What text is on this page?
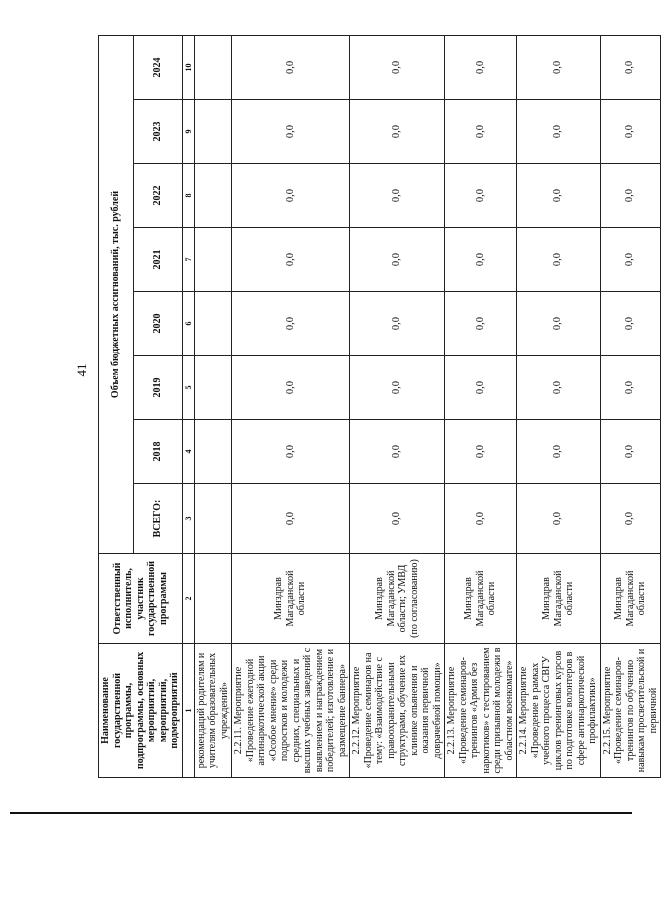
41
Наименование государственной программы, подпрограммы, основных мероприятий, мероприятий, подмероприятий	Ответственный исполнитель, участник государственной программы	Объем бюджетных ассигнований, тыс. рублей							
		ВСЕГО:	2018	2019	2020	2021	2022	2023	2024
1	2	3	4	5	6	7	8	9	10
рекомендаций родителям и учителям образовательных учреждений»									
2.2.11. Мероприятие «Проведение ежегодной антинаркотической акции «Особое мнение» среди подростков и молодежи средних, специальных и высших учебных заведений с выявлением и награждением победителей; изготовление и размещение баннера»	Минздрав Магаданской области	0,0	0,0	0,0	0,0	0,0	0,0	0,0	0,0
2.2.12. Мероприятие «Проведение семинаров на тему: «Взаимодействие с правоохранительными структурами, обучение их клинике опьянения и оказания первичной доврачебной помощи»	Минздрав Магаданской области; УМВД (по согласованию)	0,0	0,0	0,0	0,0	0,0	0,0	0,0	0,0
2.2.13. Мероприятие «Проведение семинаров-тренингов «Армия без наркотиков» с тестированием среди призывной молодежи в областном военкомате»	Минздрав Магаданской области	0,0	0,0	0,0	0,0	0,0	0,0	0,0	0,0
2.2.14. Мероприятие «Проведение в рамках учебного процесса СВГУ циклов тренинговых курсов по подготовке волонтеров в сфере антинаркотической профилактики»	Минздрав Магаданской области	0,0	0,0	0,0	0,0	0,0	0,0	0,0	0,0
2.2.15. Мероприятие «Проведение семинаров-тренингов по обучению навыкам просветительской и первичной	Минздрав Магаданской области	0,0	0,0	0,0	0,0	0,0	0,0	0,0	0,0
